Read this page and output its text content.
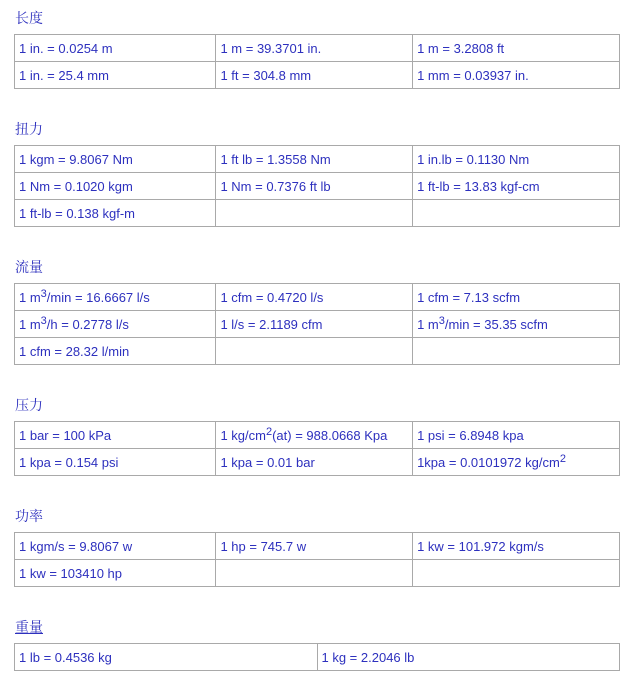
长度
1 in. = 0.0254 m	1 m = 39.3701 in.	1 m = 3.2808 ft
1 in. = 25.4 mm	1 ft = 304.8 mm	1 mm = 0.03937 in.
扭力
1 kgm = 9.8067 Nm	1 ft lb = 1.3558 Nm	1 in.lb = 0.1130 Nm
1 Nm = 0.1020 kgm	1 Nm = 0.7376 ft lb	1 ft-lb = 13.83 kgf-cm
1 ft-lb = 0.138 kgf-m		
流量
1 $m^3/\min = 16.6667$ l/s	1 cfm = 0.4720 l/s	1 cfm = 7.13 scfm
1 $m^3/h = 0.2778$ l/s	1 l/s = 2.1189 cfm	1 $m^3/\min = 35.35$ scfm
1 cfm = 28.32 l/min		
压力
1 bar = 100 kPa	1 $kg/cm^2(at) = 988.0668$ Kpa	1 psi = 6.8948 kpa
1 kpa = 0.154 psi	1 kpa = 0.01 bar	1kpa = 0.0101972 $kg/cm^2$
功率
1 kgm/s = 9.8067 w	1 hp = 745.7 w	1 kw = 101.972 kgm/s
1 kw = 103410 hp		
重量
1 lb = 0.4536 kg	1 kg = 2.2046 lb
